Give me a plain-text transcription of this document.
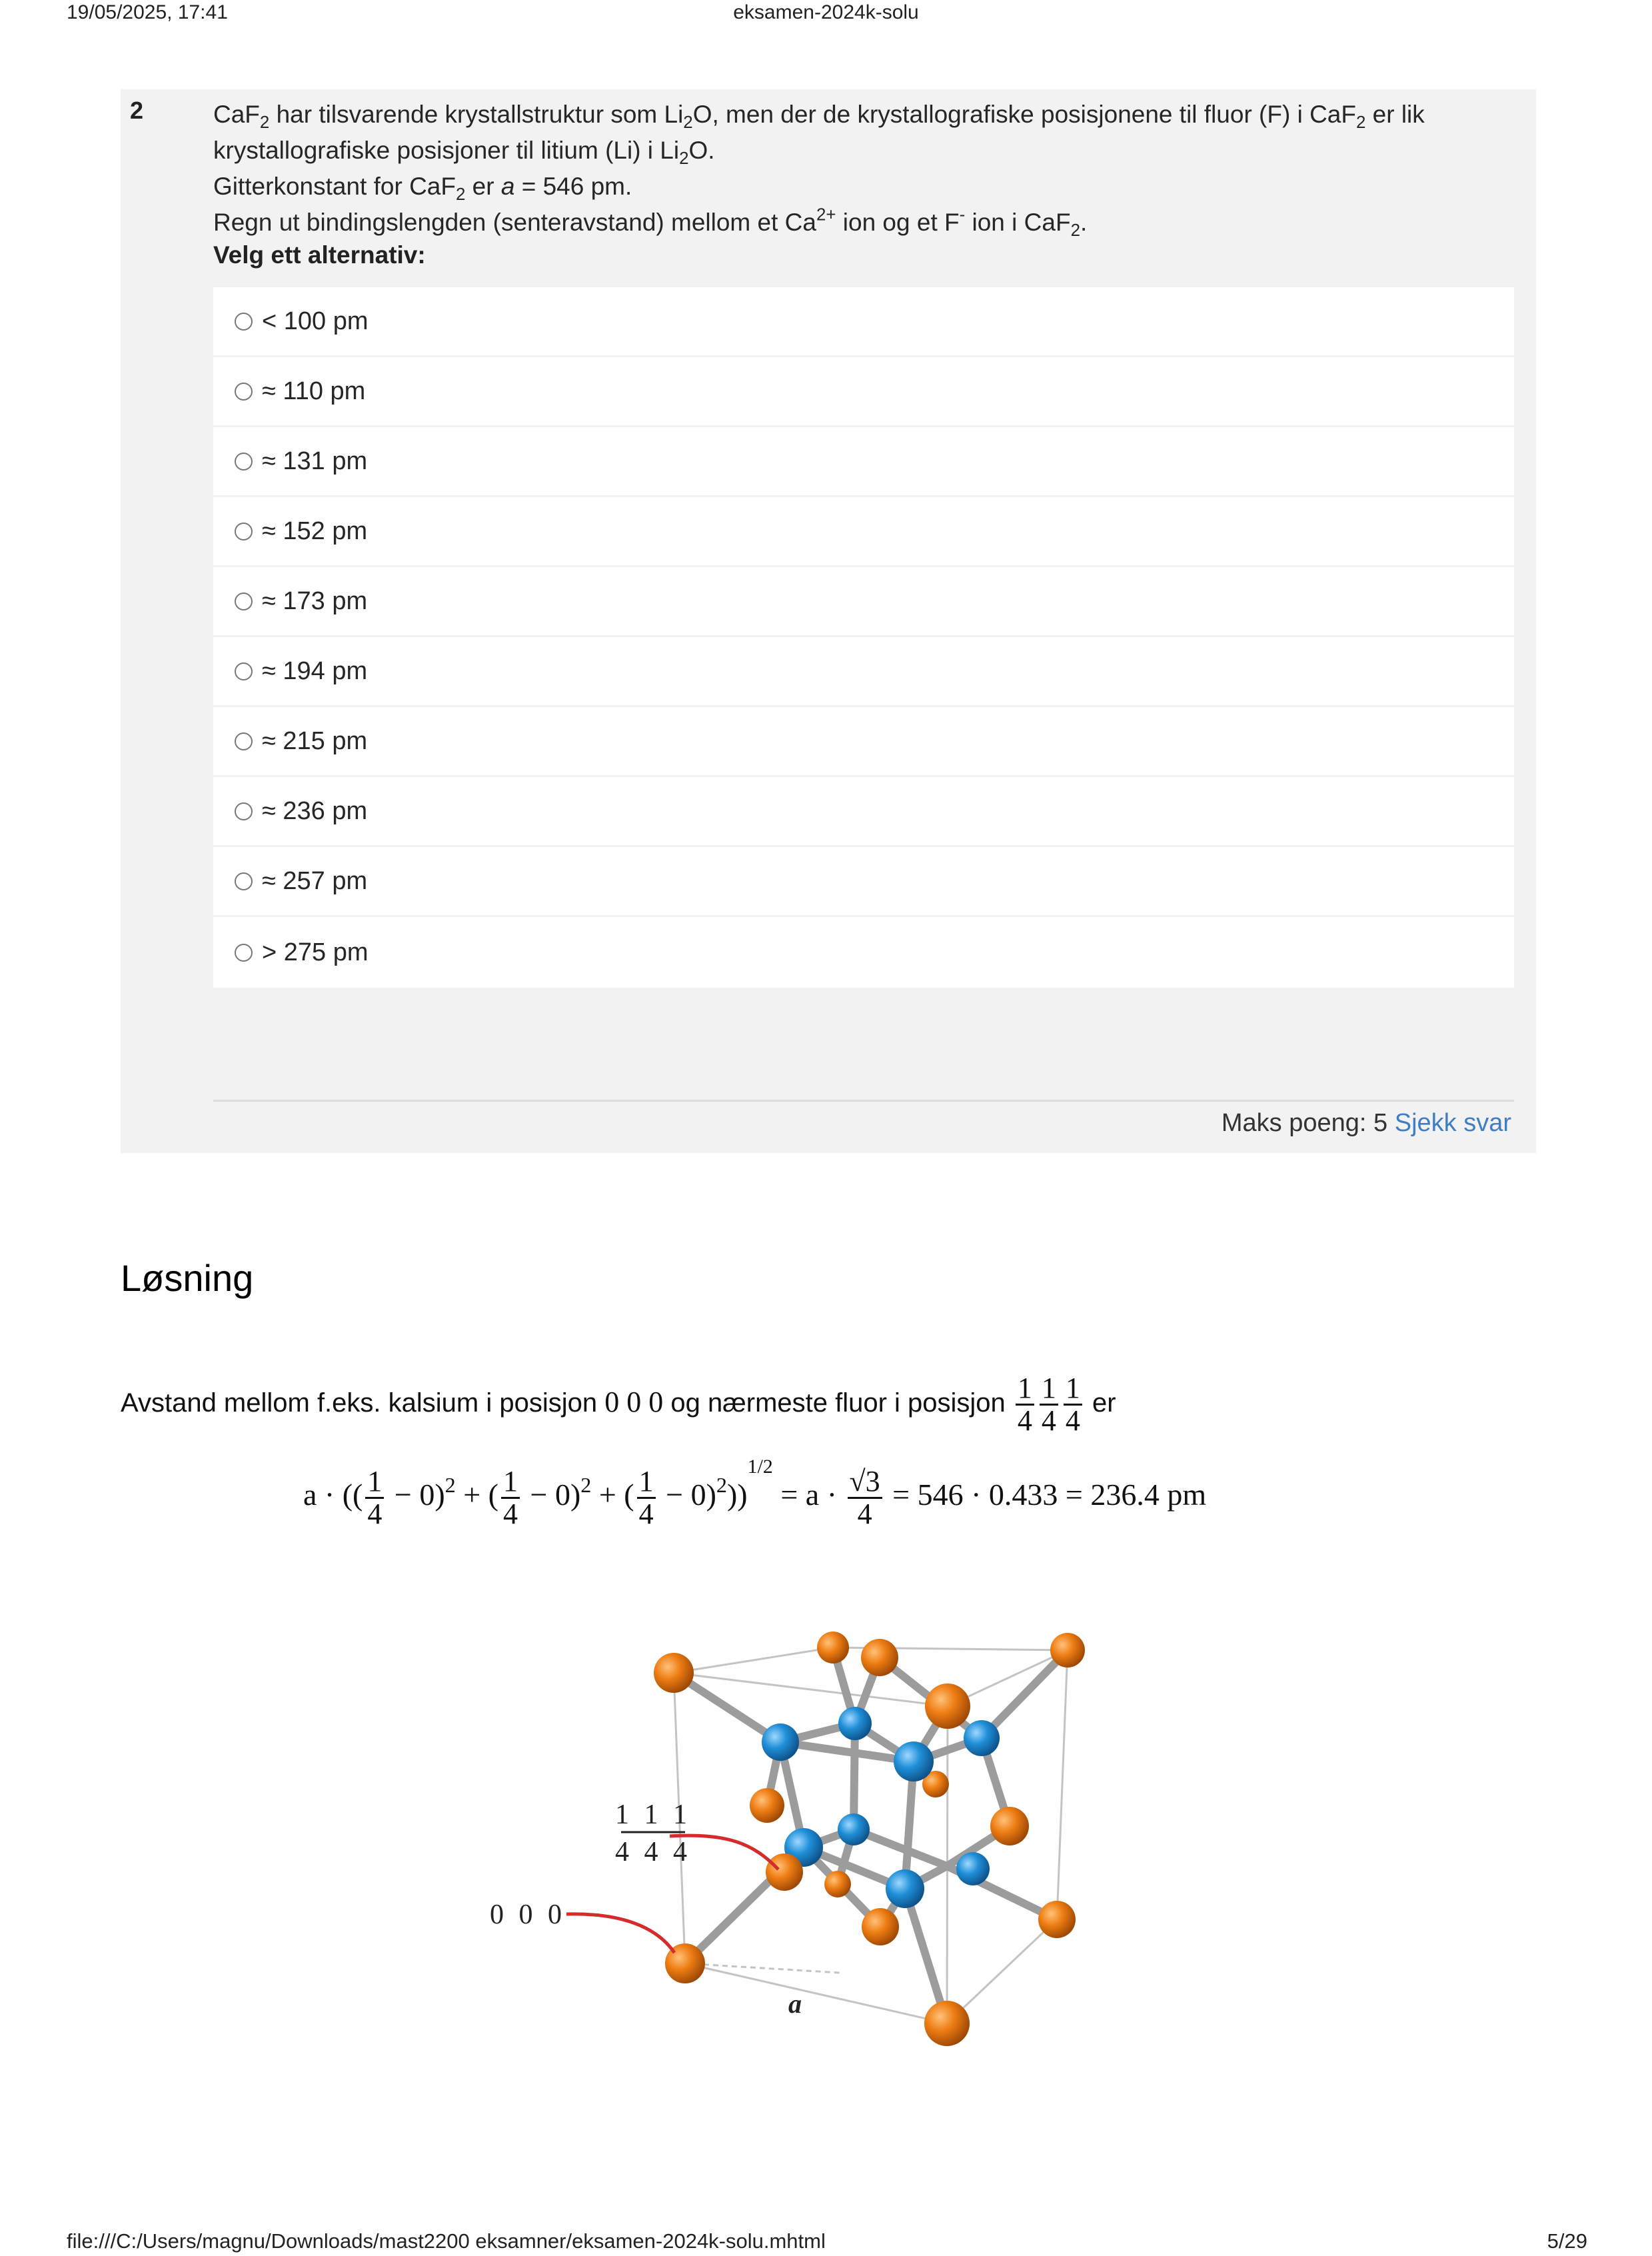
19/05/2025, 17:41	eksamen-2024k-solu
2	CaF$_2$ har tilsvarende krystallstruktur som $Li_2O$, men der de krystallografiske posisjonene til fluor (F) i CaF$_2$ er lik
krystallografiske posisjoner til litium (Li) i $Li_2O$.
Gitterkonstant for CaF$_2$ er a = 546 pm.
Regn ut bindingslengden (senteravstand) mellom et $Ca^{2+}$ ion og et F- ion i CaF$_2$.
Velg ett alternativ:
< 100 pm
≈ 110 pm
≈ 131 pm
≈ 152 pm
≈ 173 pm
≈ 194 pm
≈ 215 pm
≈ 236 pm
≈ 257 pm
> 275 pm
Maks poeng: 5 Sjekk svar
Løsning
Avstand mellom f.eks. kalsium i posisjon 0 0 0 og nærmeste fluor i posisjon $\frac{1}{4} \frac{1}{4} \frac{1}{4}$ er
a · (( $\frac{1}{4} - 0)^2$ + ( $\frac{1}{4} - 0)^2$ + ( $\frac{1}{4} - 0)^2))^{1/2} = a \cdot \frac{√3}{4} = 546 \cdot 0.433 = 236.4$ pm
1 1 1
4 4 4
0 0 0
a
file:///C:/Users/magnu/Downloads/mast2200 eksamner/eksamen-2024k-solu.mhtml	5/29
